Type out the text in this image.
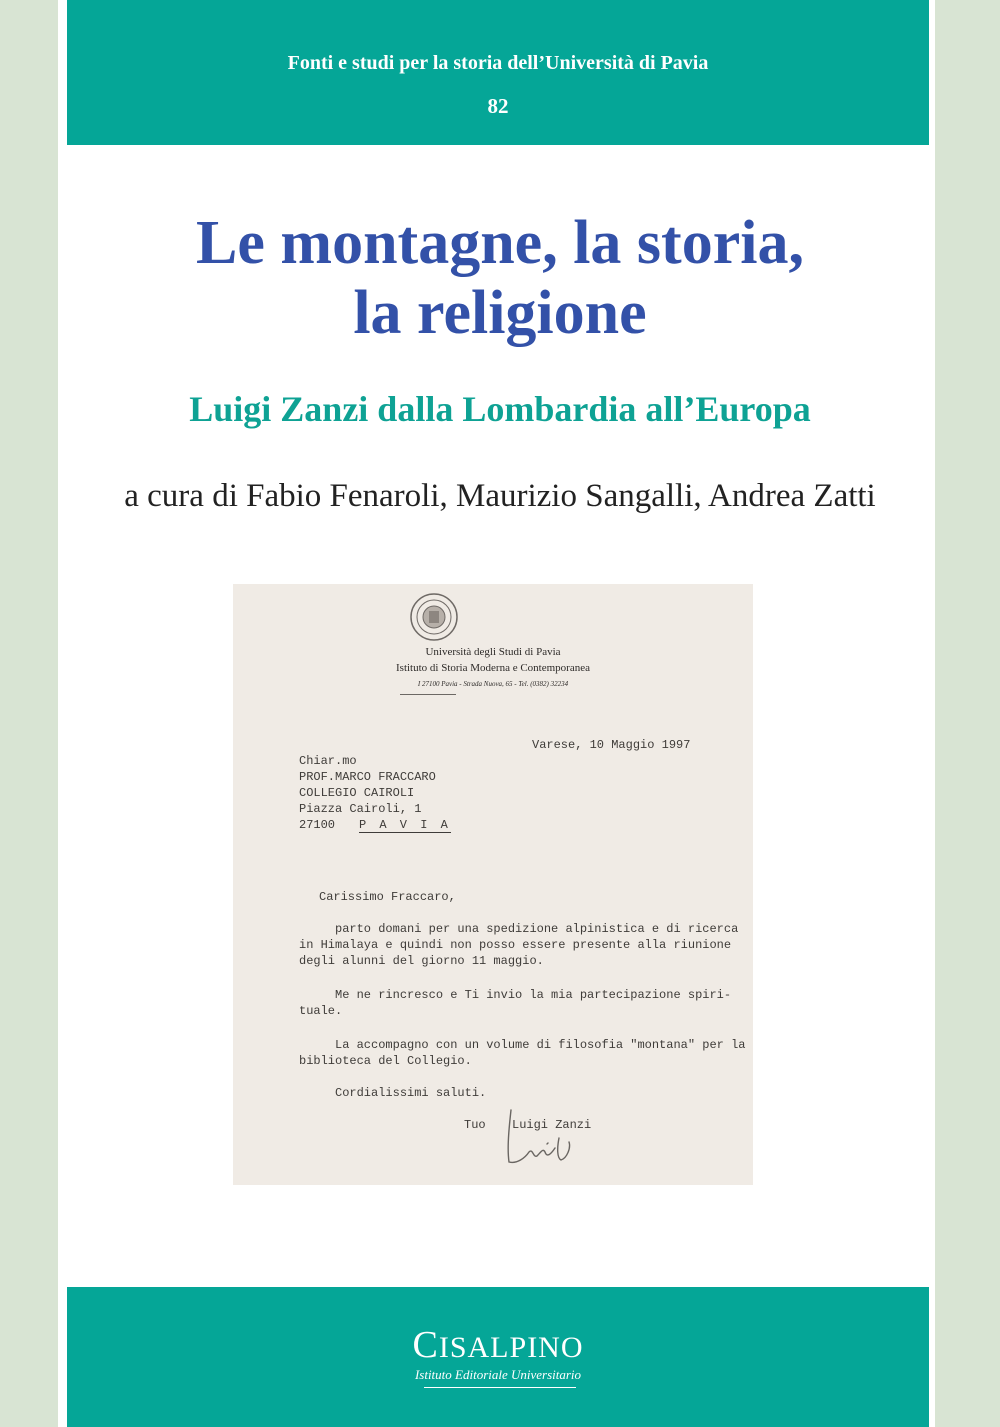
Fonti e studi per la storia dell’Università di Pavia
82
Le montagne, la storia,
la religione
Luigi Zanzi dalla Lombardia all’Europa
a cura di Fabio Fenaroli, Maurizio Sangalli, Andrea Zatti
Università degli Studi di Pavia
Istituto di Storia Moderna e Contemporanea
I 27100 Pavia - Strada Nuova, 65 - Tel. (0382) 32234
Varese, 10 Maggio 1997
Chiar.mo
PROF.MARCO FRACCARO
COLLEGIO CAIROLI
Piazza Cairoli, 1
27100 P A V I A
Carissimo Fraccaro,
parto domani per una spedizione alpinistica e di ricerca
in Himalaya e quindi non posso essere presente alla riunione
degli alunni del giorno 11 maggio.
Me ne rincresco e Ti invio la mia partecipazione spiri-
tuale.
La accompagno con un volume di filosofia "montana" per la
biblioteca del Collegio.
Cordialissimi saluti.
Tuo Luigi Zanzi
CISALPINO
Istituto Editoriale Universitario
